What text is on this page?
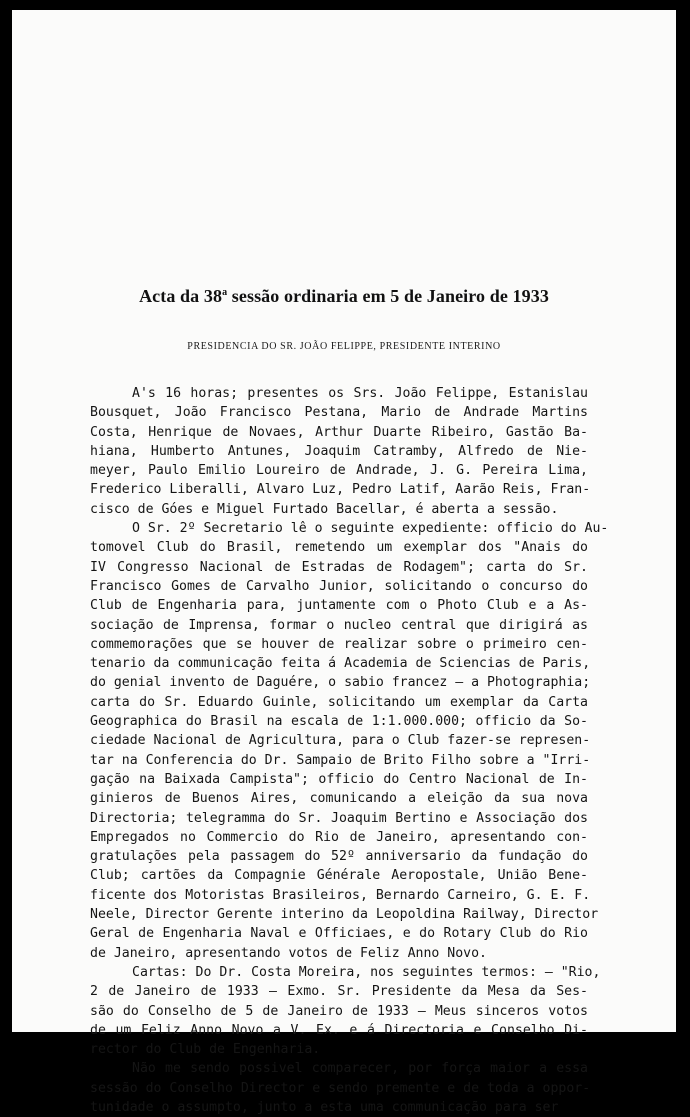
Acta da 38$^a$ sessão ordinaria em 5 de Janeiro de 1933
PRESIDENCIA DO SR. JOÃO FELIPPE, PRESIDENTE INTERINO

A's 16 horas; presentes os Srs. João Felippe, Estanislau
Bousquet, João Francisco Pestana, Mario de Andrade Martins
Costa, Henrique de Novaes, Arthur Duarte Ribeiro, Gastão Ba-
hiana, Humberto Antunes, Joaquim Catramby, Alfredo de Nie-
meyer, Paulo Emilio Loureiro de Andrade, J. G. Pereira Lima,
Frederico Liberalli, Alvaro Luz, Pedro Latif, Aarão Reis, Fran-
cisco de Góes e Miguel Furtado Bacellar, é aberta a sessão.

O Sr. 2º Secretario lê o seguinte expediente: officio do Au-
tomovel Club do Brasil, remetendo um exemplar dos "Anais do
IV Congresso Nacional de Estradas de Rodagem"; carta do Sr.
Francisco Gomes de Carvalho Junior, solicitando o concurso do
Club de Engenharia para, juntamente com o Photo Club e a As-
sociação de Imprensa, formar o nucleo central que dirigirá as
commemorações que se houver de realizar sobre o primeiro cen-
tenario da communicação feita á Academia de Sciencias de Paris,
do genial invento de Daguére, o sabio francez — a Photographia;
carta do Sr. Eduardo Guinle, solicitando um exemplar da Carta
Geographica do Brasil na escala de 1:1.000.000; officio da So-
ciedade Nacional de Agricultura, para o Club fazer-se represen-
tar na Conferencia do Dr. Sampaio de Brito Filho sobre a "Irri-
gação na Baixada Campista"; officio do Centro Nacional de In-
ginieros de Buenos Aires, comunicando a eleição da sua nova
Directoria; telegramma do Sr. Joaquim Bertino e Associação dos
Empregados no Commercio do Rio de Janeiro, apresentando con-
gratulações pela passagem do 52º anniversario da fundação do
Club; cartões da Compagnie Générale Aeropostale, União Bene-
ficente dos Motoristas Brasileiros, Bernardo Carneiro, G. E. F.
Neele, Director Gerente interino da Leopoldina Railway, Director
Geral de Engenharia Naval e Officiaes, e do Rotary Club do Rio
de Janeiro, apresentando votos de Feliz Anno Novo.

Cartas: Do Dr. Costa Moreira, nos seguintes termos: — "Rio,
2 de Janeiro de 1933 — Exmo. Sr. Presidente da Mesa da Ses-
são do Conselho de 5 de Janeiro de 1933 — Meus sinceros votos
de um Feliz Anno Novo a V. Ex. e á Directoria e Conselho Di-
rector do Club de Engenharia.

Não me sendo possivel comparecer, por força maior a essa
sessão do Conselho Director e sendo premente e de toda a oppor-
tunidade o assumpto, junto a esta uma communicação para ser
